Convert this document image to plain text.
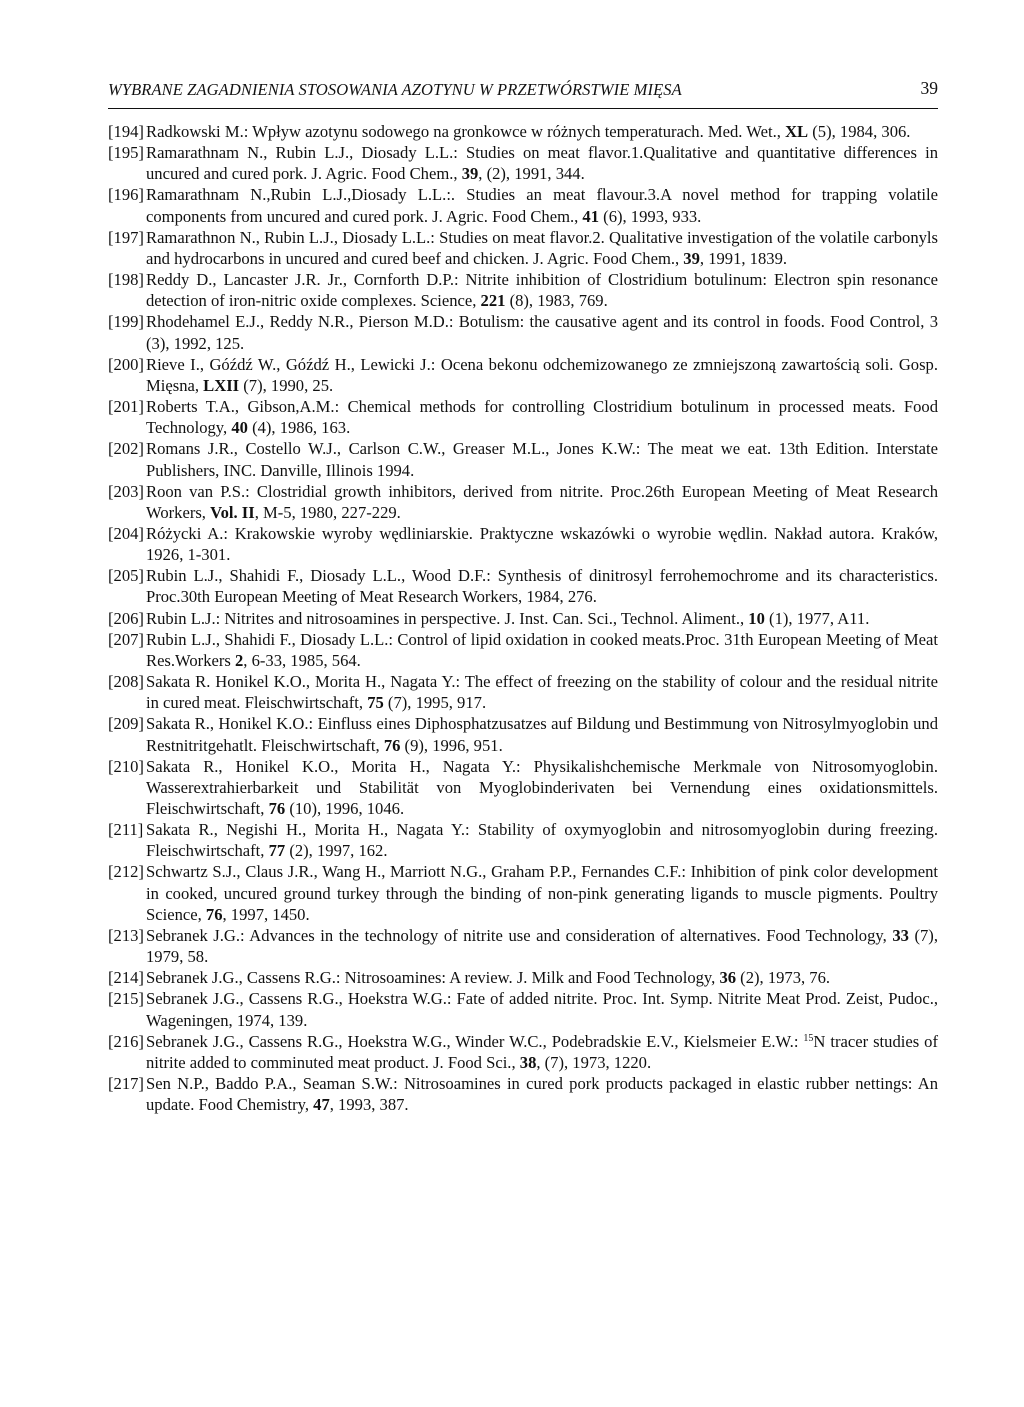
WYBRANE ZAGADNIENIA STOSOWANIA AZOTYNU W PRZETWÓRSTWIE MIĘSA	39
[194] Radkowski M.: Wpływ azotynu sodowego na gronkowce w różnych temperaturach. Med. Wet., XL (5), 1984, 306.
[195] Ramarathnam N., Rubin L.J., Diosady L.L.: Studies on meat flavor.1.Qualitative and quantitative differences in uncured and cured pork. J. Agric. Food Chem., 39, (2), 1991, 344.
[196] Ramarathnam N.,Rubin L.J.,Diosady L.L.:. Studies an meat flavour.3.A novel method for trapping volatile components from uncured and cured pork. J. Agric. Food Chem., 41 (6), 1993, 933.
[197] Ramarathnon N., Rubin L.J., Diosady L.L.: Studies on meat flavor.2. Qualitative investigation of the volatile carbonyls and hydrocarbons in uncured and cured beef and chicken. J. Agric. Food Chem., 39, 1991, 1839.
[198] Reddy D., Lancaster J.R. Jr., Cornforth D.P.: Nitrite inhibition of Clostridium botulinum: Electron spin resonance detection of iron-nitric oxide complexes. Science, 221 (8), 1983, 769.
[199] Rhodehamel E.J., Reddy N.R., Pierson M.D.: Botulism: the causative agent and its control in foods. Food Control, 3 (3), 1992, 125.
[200] Rieve I., Góźdź W., Góźdź H., Lewicki J.: Ocena bekonu odchemizowanego ze zmniejszoną zawartością soli. Gosp. Mięsna, LXII (7), 1990, 25.
[201] Roberts T.A., Gibson,A.M.: Chemical methods for controlling Clostridium botulinum in processed meats. Food Technology, 40 (4), 1986, 163.
[202] Romans J.R., Costello W.J., Carlson C.W., Greaser M.L., Jones K.W.: The meat we eat. 13th Edition. Interstate Publishers, INC. Danville, Illinois 1994.
[203] Roon van P.S.: Clostridial growth inhibitors, derived from nitrite. Proc.26th European Meeting of Meat Research Workers, Vol. II, M-5, 1980, 227-229.
[204] Różycki A.: Krakowskie wyroby wędliniarskie. Praktyczne wskazówki o wyrobie wędlin. Nakład autora. Kraków, 1926, 1-301.
[205] Rubin L.J., Shahidi F., Diosady L.L., Wood D.F.: Synthesis of dinitrosyl ferrohemochrome and its characteristics. Proc.30th European Meeting of Meat Research Workers, 1984, 276.
[206] Rubin L.J.: Nitrites and nitrosoamines in perspective. J. Inst. Can. Sci., Technol. Aliment., 10 (1), 1977, A11.
[207] Rubin L.J., Shahidi F., Diosady L.L.: Control of lipid oxidation in cooked meats.Proc. 31th European Meeting of Meat Res.Workers 2, 6-33, 1985, 564.
[208] Sakata R. Honikel K.O., Morita H., Nagata Y.: The effect of freezing on the stability of colour and the residual nitrite in cured meat. Fleischwirtschaft, 75 (7), 1995, 917.
[209] Sakata R., Honikel K.O.: Einfluss eines Diphosphatzusatzes auf Bildung und Bestimmung von Nitrosylmyoglobin und Restnitritgehatlt. Fleischwirtschaft, 76 (9), 1996, 951.
[210] Sakata R., Honikel K.O., Morita H., Nagata Y.: Physikalishchemische Merkmale von Nitrosomyoglobin. Wasserextrahierbarkeit und Stabilität von Myoglobinderivaten bei Vernendung eines oxidationsmittels. Fleischwirtschaft, 76 (10), 1996, 1046.
[211] Sakata R., Negishi H., Morita H., Nagata Y.: Stability of oxymyoglobin and nitrosomyoglobin during freezing. Fleischwirtschaft, 77 (2), 1997, 162.
[212] Schwartz S.J., Claus J.R., Wang H., Marriott N.G., Graham P.P., Fernandes C.F.: Inhibition of pink color development in cooked, uncured ground turkey through the binding of non-pink generating ligands to muscle pigments. Poultry Science, 76, 1997, 1450.
[213] Sebranek J.G.: Advances in the technology of nitrite use and consideration of alternatives. Food Technology, 33 (7), 1979, 58.
[214] Sebranek J.G., Cassens R.G.: Nitrosoamines: A review. J. Milk and Food Technology, 36 (2), 1973, 76.
[215] Sebranek J.G., Cassens R.G., Hoekstra W.G.: Fate of added nitrite. Proc. Int. Symp. Nitrite Meat Prod. Zeist, Pudoc., Wageningen, 1974, 139.
[216] Sebranek J.G., Cassens R.G., Hoekstra W.G., Winder W.C., Podebradskie E.V., Kielsmeier E.W.: $^{15}$N tracer studies of nitrite added to comminuted meat product. J. Food Sci., 38, (7), 1973, 1220.
[217] Sen N.P., Baddo P.A., Seaman S.W.: Nitrosoamines in cured pork products packaged in elastic rubber nettings: An update. Food Chemistry, 47, 1993, 387.
